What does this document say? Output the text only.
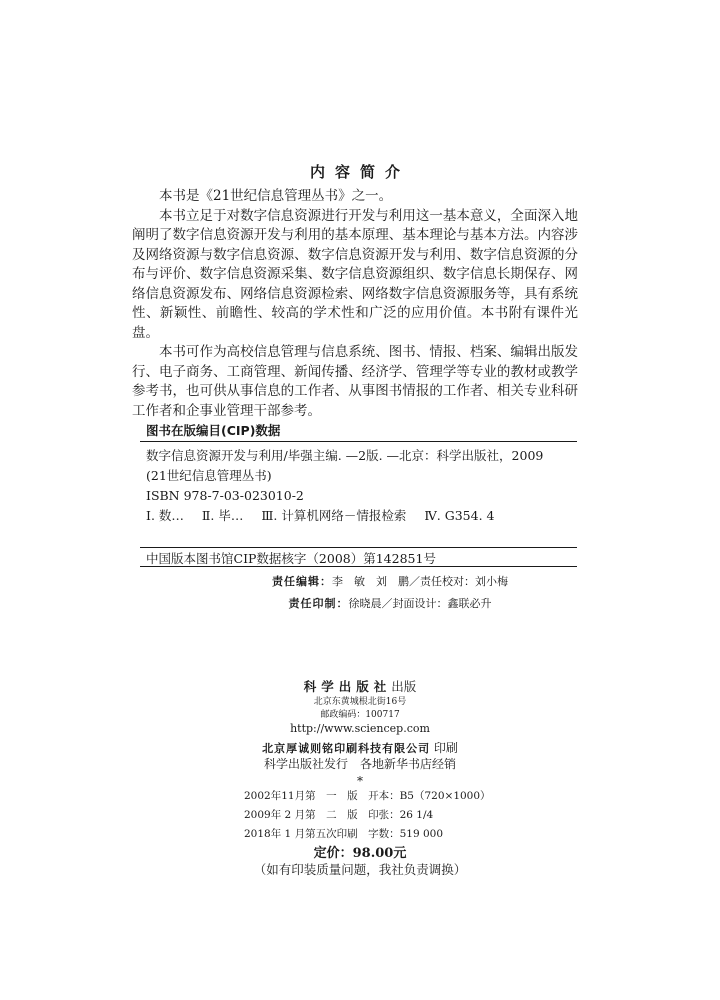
内容简介

本书是《21世纪信息管理丛书》之一。

本书立足于对数字信息资源进行开发与利用这一基本意义，全面深入地阐明了数字信息资源开发与利用的基本原理、基本理论与基本方法。内容涉及网络资源与数字信息资源、数字信息资源开发与利用、数字信息资源的分布与评价、数字信息资源采集、数字信息资源组织、数字信息长期保存、网络信息资源发布、网络信息资源检索、网络数字信息资源服务等，具有系统性、新颖性、前瞻性、较高的学术性和广泛的应用价值。本书附有课件光盘。

本书可作为高校信息管理与信息系统、图书、情报、档案、编辑出版发行、电子商务、工商管理、新闻传播、经济学、管理学等专业的教材或教学参考书，也可供从事信息的工作者、从事图书情报的工作者、相关专业科研工作者和企事业管理干部参考。

图书在版编目(CIP)数据
数字信息资源开发与利用/毕强主编. —2版. —北京：科学出版社，2009
(21世纪信息管理丛书)
ISBN 978-7-03-023010-2
Ⅰ. 数… Ⅱ. 毕… Ⅲ. 计算机网络－情报检索 Ⅳ. G354. 4
中国版本图书馆CIP数据核字（2008）第142851号
责任编辑：李　敏　刘　鹏／责任校对：刘小梅
责任印制：徐晓晨／封面设计：鑫联必升
科学出版社出版
北京东黄城根北街16号
邮政编码：100717
http://www.sciencep.com
北京厚诚则铭印刷科技有限公司 印刷
科学出版社发行　各地新华书店经销
*
2002年11月第　一　版　开本：B5（720×1000）
2009年 2 月第　二　版　印张：26 1/4
2018年 1 月第五次印刷　字数：519 000
定价：98.00元
（如有印装质量问题，我社负责调换）
